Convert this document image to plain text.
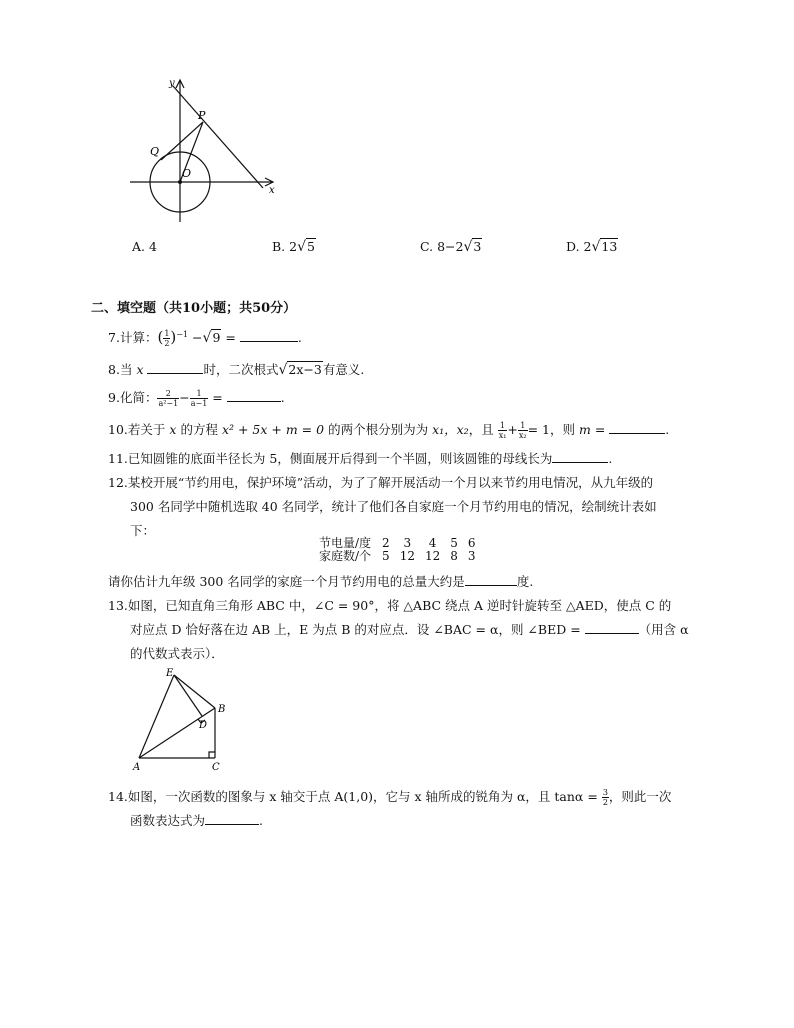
y
P
Q
O
x
A. 4	B. 2√5	C. 8−2√3	D. 2√13
二、填空题（共10小题；共50分）
7.计算：( $\frac{1}{2} )^{-1} -√9$ =	.
8.当 x	时，二次根式√2x−3有意义.
9.化简： $\frac{2}{\text{a²−1}} - \frac{1}{a-1}$ =	.
10.若关于 x 的方程 x² + 5x + m = 0 的两个根分别为为 x₁，x₂，且 $\frac{1}{\text{x₁}} + \frac{1}{\text{x₂}} = 1$，则 m =	.
11.已知圆锥的底面半径长为 5，侧面展开后得到一个半圆，则该圆锥的母线长为	.
12.某校开展“节约用电，保护环境”活动，为了了解开展活动一个月以来节约用电情况，从九年级的
300 名同学中随机选取 40 名同学，统计了他们各自家庭一个月节约用电的情况，绘制统计表如
下：
节电量/度	2	3	4	5	6
家庭数/个	5	12	12	8	3
请你估计九年级 300 名同学的家庭一个月节约用电的总量大约是	度.
13.如图，已知直角三角形 ABC 中，∠C = 90°，将 △ABC 绕点 A 逆时针旋转至 △AED，使点 C 的
对应点 D 恰好落在边 AB 上，E 为点 B 的对应点．设 ∠BAC = α，则 ∠BED =	（用含 α
的代数式表示）．
E
B
D
A	C
14.如图，一次函数的图象与 x 轴交于点 A(1,0)，它与 x 轴所成的锐角为 α，且 $\tan\alpha = \frac{3}{2}$ ，则此一次
函数表达式为	.
